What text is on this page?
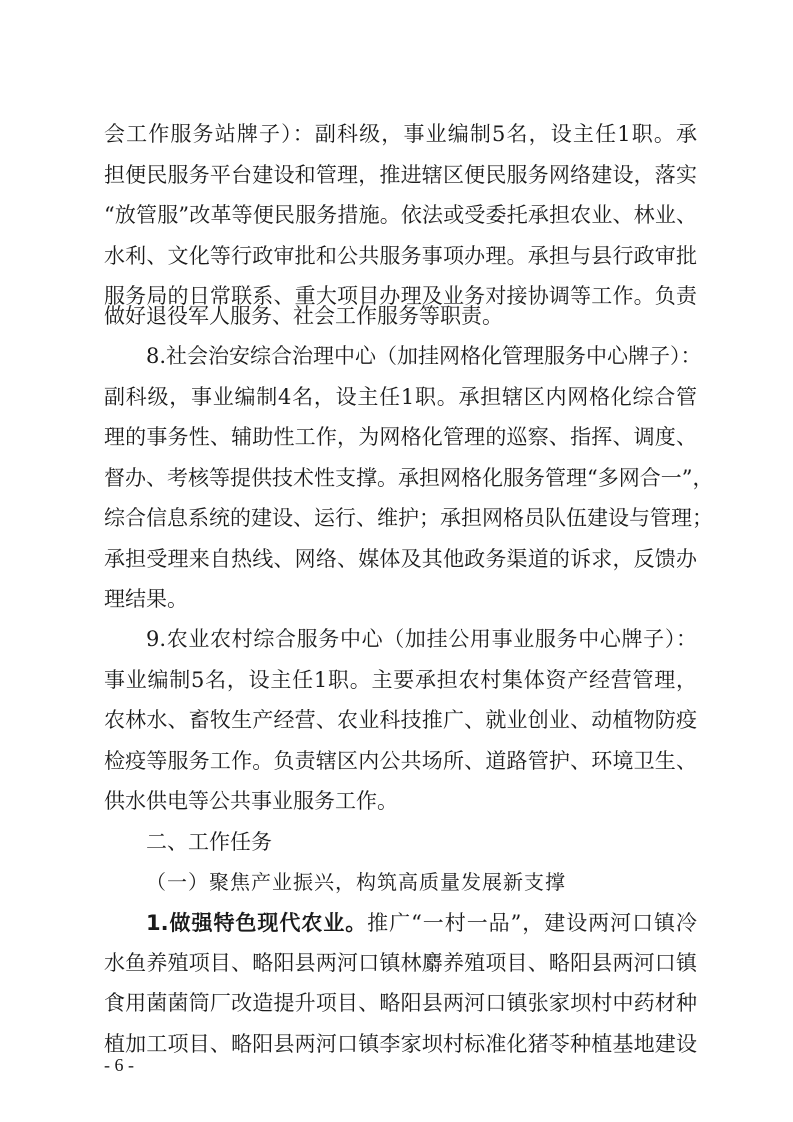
会工作服务站牌子）：副科级，事业编制5名，设主任1职。承
担便民服务平台建设和管理，推进辖区便民服务网络建设，落实
“放管服”改革等便民服务措施。依法或受委托承担农业、林业、
水利、文化等行政审批和公共服务事项办理。承担与县行政审批
服务局的日常联系、重大项目办理及业务对接协调等工作。负责
做好退役军人服务、社会工作服务等职责。
8.社会治安综合治理中心（加挂网格化管理服务中心牌子）：
副科级，事业编制4名，设主任1职。承担辖区内网格化综合管
理的事务性、辅助性工作，为网格化管理的巡察、指挥、调度、
督办、考核等提供技术性支撑。承担网格化服务管理“多网合一”，
综合信息系统的建设、运行、维护；承担网格员队伍建设与管理；
承担受理来自热线、网络、媒体及其他政务渠道的诉求，反馈办
理结果。
9.农业农村综合服务中心（加挂公用事业服务中心牌子）：
事业编制5名，设主任1职。主要承担农村集体资产经营管理，
农林水、畜牧生产经营、农业科技推广、就业创业、动植物防疫
检疫等服务工作。负责辖区内公共场所、道路管护、环境卫生、
供水供电等公共事业服务工作。
二、工作任务
（一）聚焦产业振兴，构筑高质量发展新支撑
1.做强特色现代农业。推广“一村一品”，建设两河口镇冷
水鱼养殖项目、略阳县两河口镇林麝养殖项目、略阳县两河口镇
食用菌菌筒厂改造提升项目、略阳县两河口镇张家坝村中药材种
植加工项目、略阳县两河口镇李家坝村标准化猪苓种植基地建设
- 6 -
